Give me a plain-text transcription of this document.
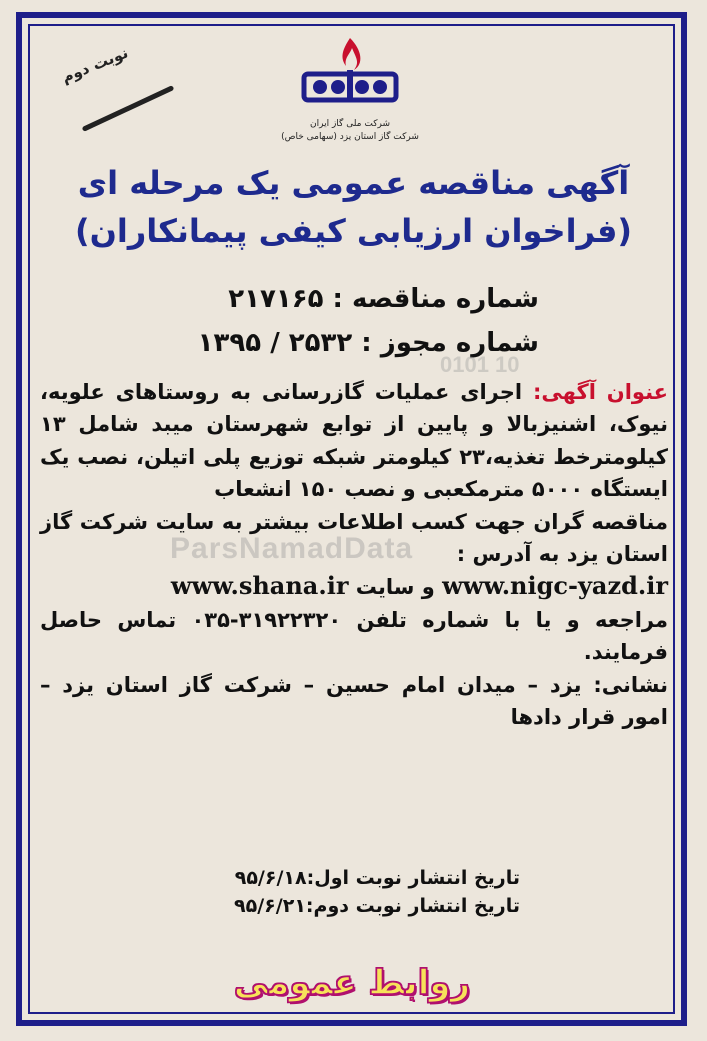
نوبت دوم
شرکت ملی گاز ایران
شرکت گاز استان یزد (سهامی خاص)
آگهی مناقصه عمومی یک مرحله ای
(فراخوان ارزیابی کیفی پیمانکاران)
شماره مناقصه : ۲۱۷۱۶۵
شماره مجوز : ۲۵۳۲ / ۱۳۹۵
0101 10

عنوان آگهی: اجرای عملیات گازرسانی به روستاهای علویه، نیوک، اشنیزبالا و پایین از توابع شهرستان میبد شامل ۱۳ کیلومترخط تغذیه،۲۳ کیلومتر شبکه توزیع پلی اتیلن، نصب یک ایستگاه ۵۰۰۰ مترمکعبی و نصب ۱۵۰ انشعاب

مناقصه گران جهت کسب اطلاعات بیشتر به سایت شرکت گاز استان یزد به آدرس :

www.nigc-yazd.ir و سایت www.shana.ir

مراجعه و یا با شماره تلفن ۳۱۹۲۲۳۲۰-۰۳۵ تماس حاصل فرمایند.

نشانی: یزد – میدان امام حسین – شرکت گاز استان یزد – امور قرار دادها

ParsNamadData
تاریخ انتشار نوبت اول:۹۵/۶/۱۸
تاریخ انتشار نوبت دوم:۹۵/۶/۲۱
روابط عمومی
